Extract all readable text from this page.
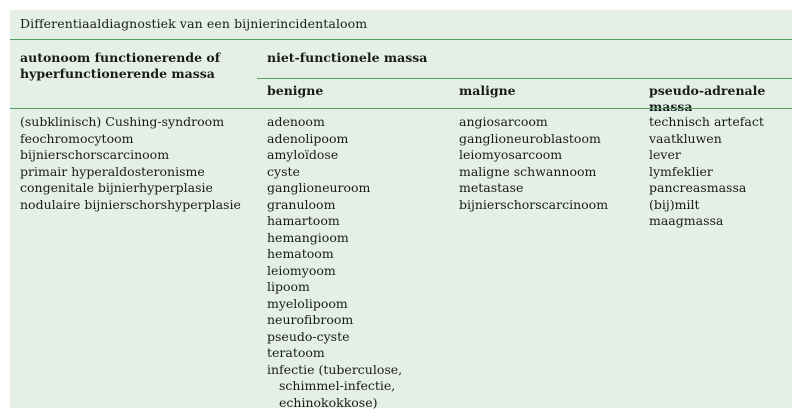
Differentiaaldiagnostiek van een bijnierincidentaloom
autonoom functionerende of hyperfunctionerende massa
niet-functionele massa
benigne	maligne	pseudo-adrenale massa
(subklinisch) Cushing-syndroom
feochromocytoom
bijnierschorscarcinoom
primair hyperaldosteronisme
congenitale bijnierhyperplasie
nodulaire bijnierschorshyperplasie
adenoom
adenolipoom
amyloïdose
cyste
ganglioneuroom
granuloom
hamartoom
hemangioom
hematoom
leiomyoom
lipoom
myelolipoom
neurofibroom
pseudo-cyste
teratoom
infectie (tuberculose, schimmel-infectie, echinokokkose)
angiosarcoom
ganglioneuroblastoom
leiomyosarcoom
maligne schwannoom
metastase
bijnierschorscarcinoom
technisch artefact
vaatkluwen
lever
lymfeklier
pancreasmassa
(bij)milt
maagmassa
